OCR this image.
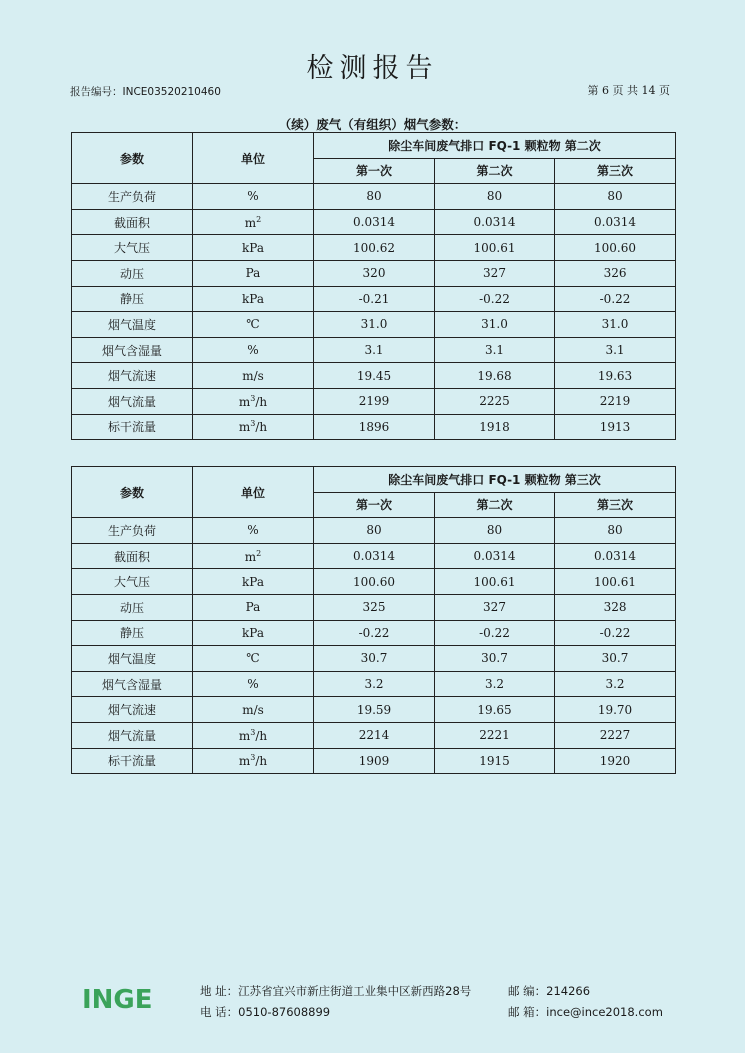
检测报告
报告编号：INCE03520210460	第 6 页 共 14 页
（续）废气（有组织）烟气参数：
参数	单位	除尘车间废气排口 FQ-1 颗粒物 第二次		
		第一次	第二次	第三次
生产负荷	%	80	80	80
截面积	$m^2$	0.0314	0.0314	0.0314
大气压	kPa	100.62	100.61	100.60
动压	Pa	320	327	326
静压	kPa	-0.21	-0.22	-0.22
烟气温度	℃	31.0	31.0	31.0
烟气含湿量	%	3.1	3.1	3.1
烟气流速	m/s	19.45	19.68	19.63
烟气流量	$m^3/h$	2199	2225	2219
标干流量	$m^3/h$	1896	1918	1913
参数	单位	除尘车间废气排口 FQ-1 颗粒物 第三次		
		第一次	第二次	第三次
生产负荷	%	80	80	80
截面积	$m^2$	0.0314	0.0314	0.0314
大气压	kPa	100.60	100.61	100.61
动压	Pa	325	327	328
静压	kPa	-0.22	-0.22	-0.22
烟气温度	℃	30.7	30.7	30.7
烟气含湿量	%	3.2	3.2	3.2
烟气流速	m/s	19.59	19.65	19.70
烟气流量	$m^3/h$	2214	2221	2227
标干流量	$m^3/h$	1909	1915	1920
INGE	地 址：江苏省宜兴市新庄街道工业集中区新西路28号	邮 编：214266
电 话：0510-87608899	邮 箱：ince@ince2018.com
